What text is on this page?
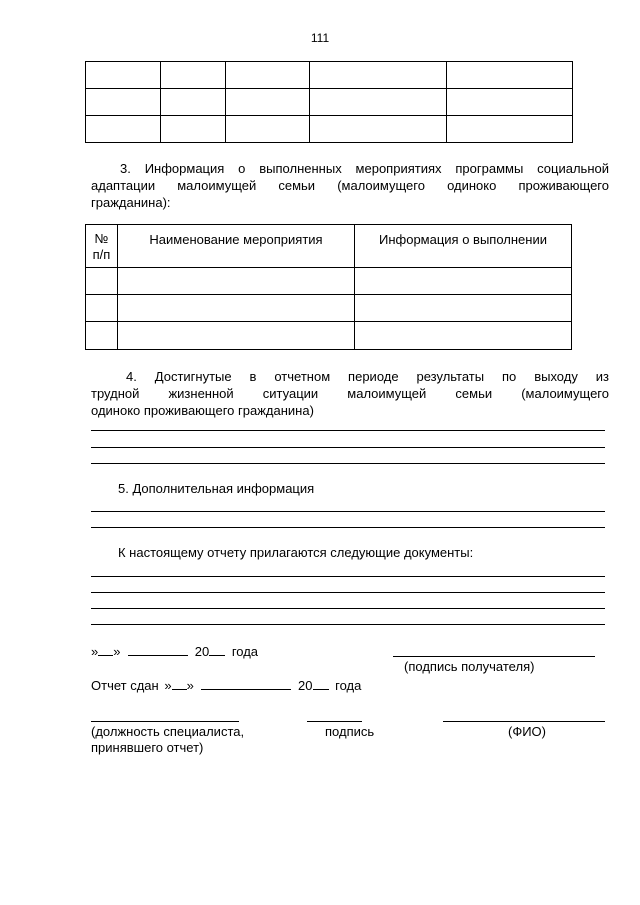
111

3. Информация о выполненных мероприятиях программы социальной
адаптации малоимущей семьи (малоимущего одиноко проживающего
гражданина):
№
п/п	Наименование мероприятия	Информация о выполнении

4. Достигнутые в отчетном периоде результаты по выходу из
трудной жизненной ситуации малоимущей семьи (малоимущего
одиноко проживающего гражданина)
5. Дополнительная информация
К настоящему отчету прилагаются следующие документы:
» »	20 года
(подпись получателя)
Отчет сдан » »	20 года
(должность специалиста,
принявшего отчет)
подпись	(ФИО)
